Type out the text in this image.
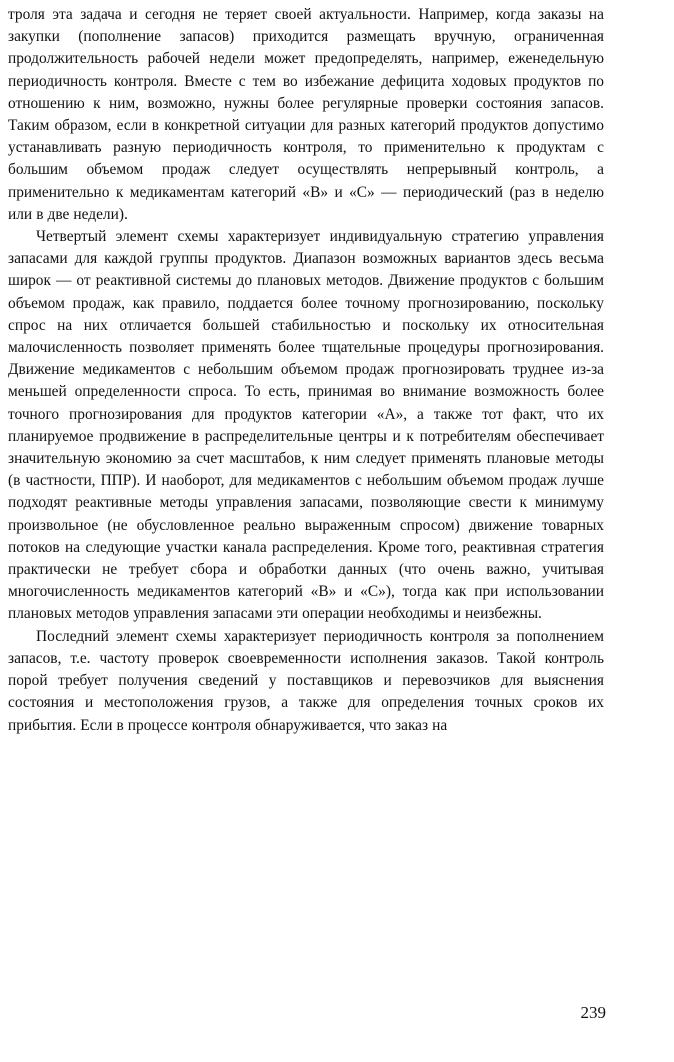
троля эта задача и сегодня не теряет своей актуальности. Например, когда заказы на закупки (пополнение запасов) приходится размещать вручную, ограниченная продолжительность рабочей недели может предопределять, например, еженедельную периодичность контроля. Вместе с тем во избежание дефицита ходовых продуктов по отношению к ним, возможно, нужны более регулярные проверки состояния запасов. Таким образом, если в конкретной ситуации для разных категорий продуктов допустимо устанавливать разную периодичность контроля, то применительно к продуктам с большим объемом продаж следует осуществлять непрерывный контроль, а применительно к медикаментам категорий «B» и «C» — периодический (раз в неделю или в две недели).

Четвертый элемент схемы характеризует индивидуальную стратегию управления запасами для каждой группы продуктов. Диапазон возможных вариантов здесь весьма широк — от реактивной системы до плановых методов. Движение продуктов с большим объемом продаж, как правило, поддается более точному прогнозированию, поскольку спрос на них отличается большей стабильностью и поскольку их относительная малочисленность позволяет применять более тщательные процедуры прогнозирования. Движение медикаментов с небольшим объемом продаж прогнозировать труднее из-за меньшей определенности спроса. То есть, принимая во внимание возможность более точного прогнозирования для продуктов категории «А», а также тот факт, что их планируемое продвижение в распределительные центры и к потребителям обеспечивает значительную экономию за счет масштабов, к ним следует применять плановые методы (в частности, ППР). И наоборот, для медикаментов с небольшим объемом продаж лучше подходят реактивные методы управления запасами, позволяющие свести к минимуму произвольное (не обусловленное реально выраженным спросом) движение товарных потоков на следующие участки канала распределения. Кроме того, реактивная стратегия практически не требует сбора и обработки данных (что очень важно, учитывая многочисленность медикаментов категорий «B» и «C»), тогда как при использовании плановых методов управления запасами эти операции необходимы и неизбежны.

Последний элемент схемы характеризует периодичность контроля за пополнением запасов, т.е. частоту проверок своевременности исполнения заказов. Такой контроль порой требует получения сведений у поставщиков и перевозчиков для выяснения состояния и местоположения грузов, а также для определения точных сроков их прибытия. Если в процессе контроля обнаруживается, что заказ на

239
